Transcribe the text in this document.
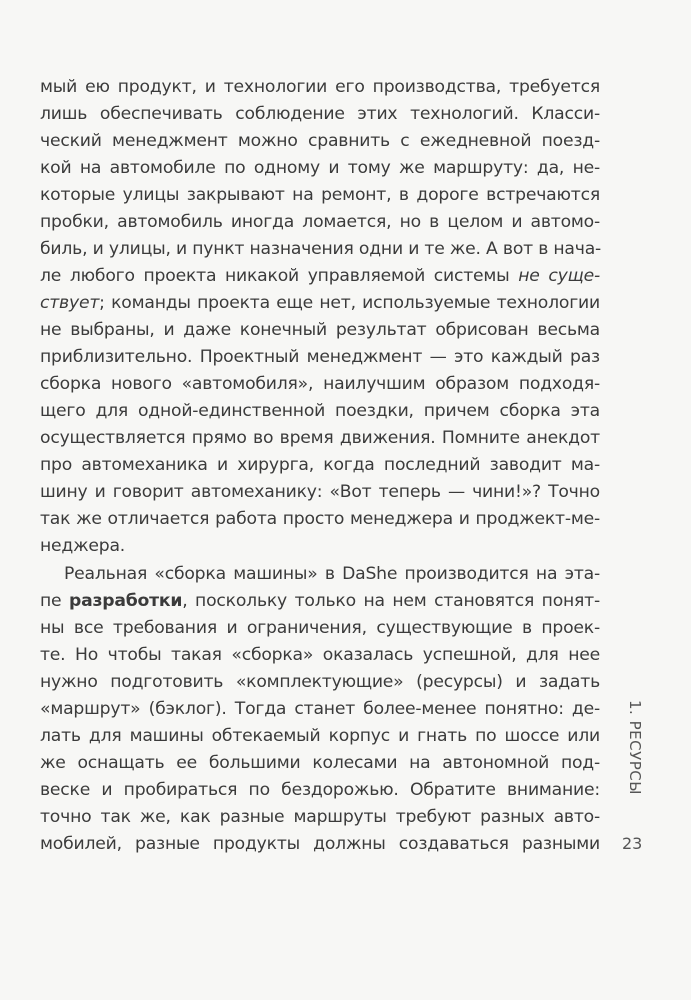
мый ею продукт, и технологии его производства, требуется
лишь обеспечивать соблюдение этих технологий. Класси-
ческий менеджмент можно сравнить с ежедневной поезд-
кой на автомобиле по одному и тому же маршруту: да, не-
которые улицы закрывают на ремонт, в дороге встречаются
пробки, автомобиль иногда ломается, но в целом и автомо-
биль, и улицы, и пункт назначения одни и те же. А вот в нача-
ле любого проекта никакой управляемой системы не суще-
ствует; команды проекта еще нет, используемые технологии
не выбраны, и даже конечный результат обрисован весьма
приблизительно. Проектный менеджмент — это каждый раз
сборка нового «автомобиля», наилучшим образом подходя-
щего для одной-единственной поездки, причем сборка эта
осуществляется прямо во время движения. Помните анекдот
про автомеханика и хирурга, когда последний заводит ма-
шину и говорит автомеханику: «Вот теперь — чини!»? Точно
так же отличается работа просто менеджера и проджект-ме-
неджера.
Реальная «сборка машины» в DaShe производится на эта-
пе разработки, поскольку только на нем становятся понят-
ны все требования и ограничения, существующие в проек-
те. Но чтобы такая «сборка» оказалась успешной, для нее
нужно подготовить «комплектующие» (ресурсы) и задать
«маршрут» (бэклог). Тогда станет более-менее понятно: де-
лать для машины обтекаемый корпус и гнать по шоссе или
же оснащать ее большими колесами на автономной под-
веске и пробираться по бездорожью. Обратите внимание:
точно так же, как разные маршруты требуют разных авто-
мобилей, разные продукты должны создаваться разными
1. РЕСУРСЫ
23
